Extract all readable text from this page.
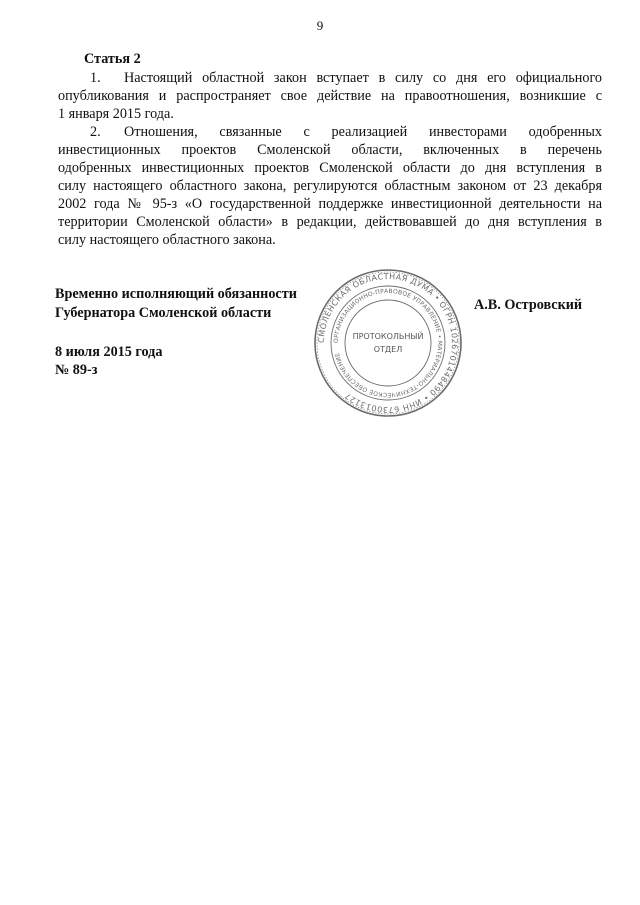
9
Статья 2
1. Настоящий областной закон вступает в силу со дня его официального
опубликования и распространяет свое действие на правоотношения, возникшие с
1 января 2015 года.
2. Отношения, связанные с реализацией инвесторами одобренных
инвестиционных проектов Смоленской области, включенных в перечень
одобренных инвестиционных проектов Смоленской области до дня вступления в
силу настоящего областного закона, регулируются областным законом от 23 декабря
2002 года № 95-з «О государственной поддержке инвестиционной деятельности на
территории Смоленской области» в редакции, действовавшей до дня вступления в
силу настоящего областного закона.
Временно исполняющий обязанности
Губернатора Смоленской области	А.В. Островский
8 июля 2015 года
№ 89-з
СМОЛЕНСКАЯ ОБЛАСТНАЯ ДУМА • ОГРН 1026701448490 • ИНН 6730013127
ОРГАНИЗАЦИОННО-ПРАВОВОЕ УПРАВЛЕНИЕ • МАТЕРИАЛЬНО-ТЕХНИЧЕСКОЕ ОБЕСПЕЧЕНИЕ
ПРОТОКОЛЬНЫЙ
ОТДЕЛ
